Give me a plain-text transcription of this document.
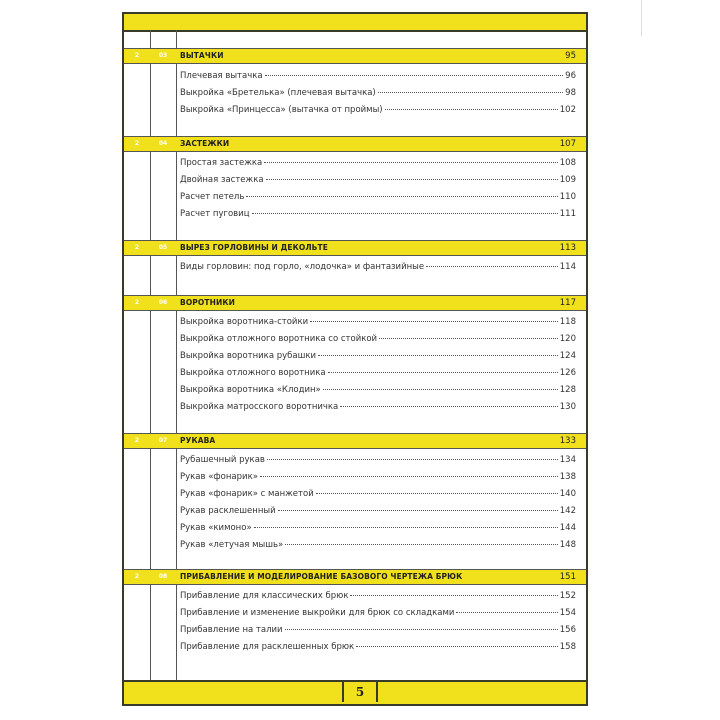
2	03	ВЫТАЧКИ	95
Плечевая вытачка	96
Выкройка «Бретелька» (плечевая вытачка)	98
Выкройка «Принцесса» (вытачка от проймы)	102
2	04	ЗАСТЕЖКИ	107
Простая застежка	108
Двойная застежка	109
Расчет петель	110
Расчет пуговиц	111
2	05	ВЫРЕЗ ГОРЛОВИНЫ И ДЕКОЛЬТЕ	113
Виды горловин: под горло, «лодочка» и фантазийные	114
2	06	ВОРОТНИКИ	117
Выкройка воротника-стойки	118
Выкройка отложного воротника со стойкой	120
Выкройка воротника рубашки	124
Выкройка отложного воротника	126
Выкройка воротника «Клодин»	128
Выкройка матросского воротничка	130
2	07	РУКАВА	133
Рубашечный рукав	134
Рукав «фонарик»	138
Рукав «фонарик» с манжетой	140
Рукав расклешенный	142
Рукав «кимоно»	144
Рукав «летучая мышь»	148
2	08	ПРИБАВЛЕНИЕ И МОДЕЛИРОВАНИЕ БАЗОВОГО ЧЕРТЕЖА БРЮК	151
Прибавление для классических брюк	152
Прибавление и изменение выкройки для брюк со складками	154
Прибавление на талии	156
Прибавление для расклешенных брюк	158
5
